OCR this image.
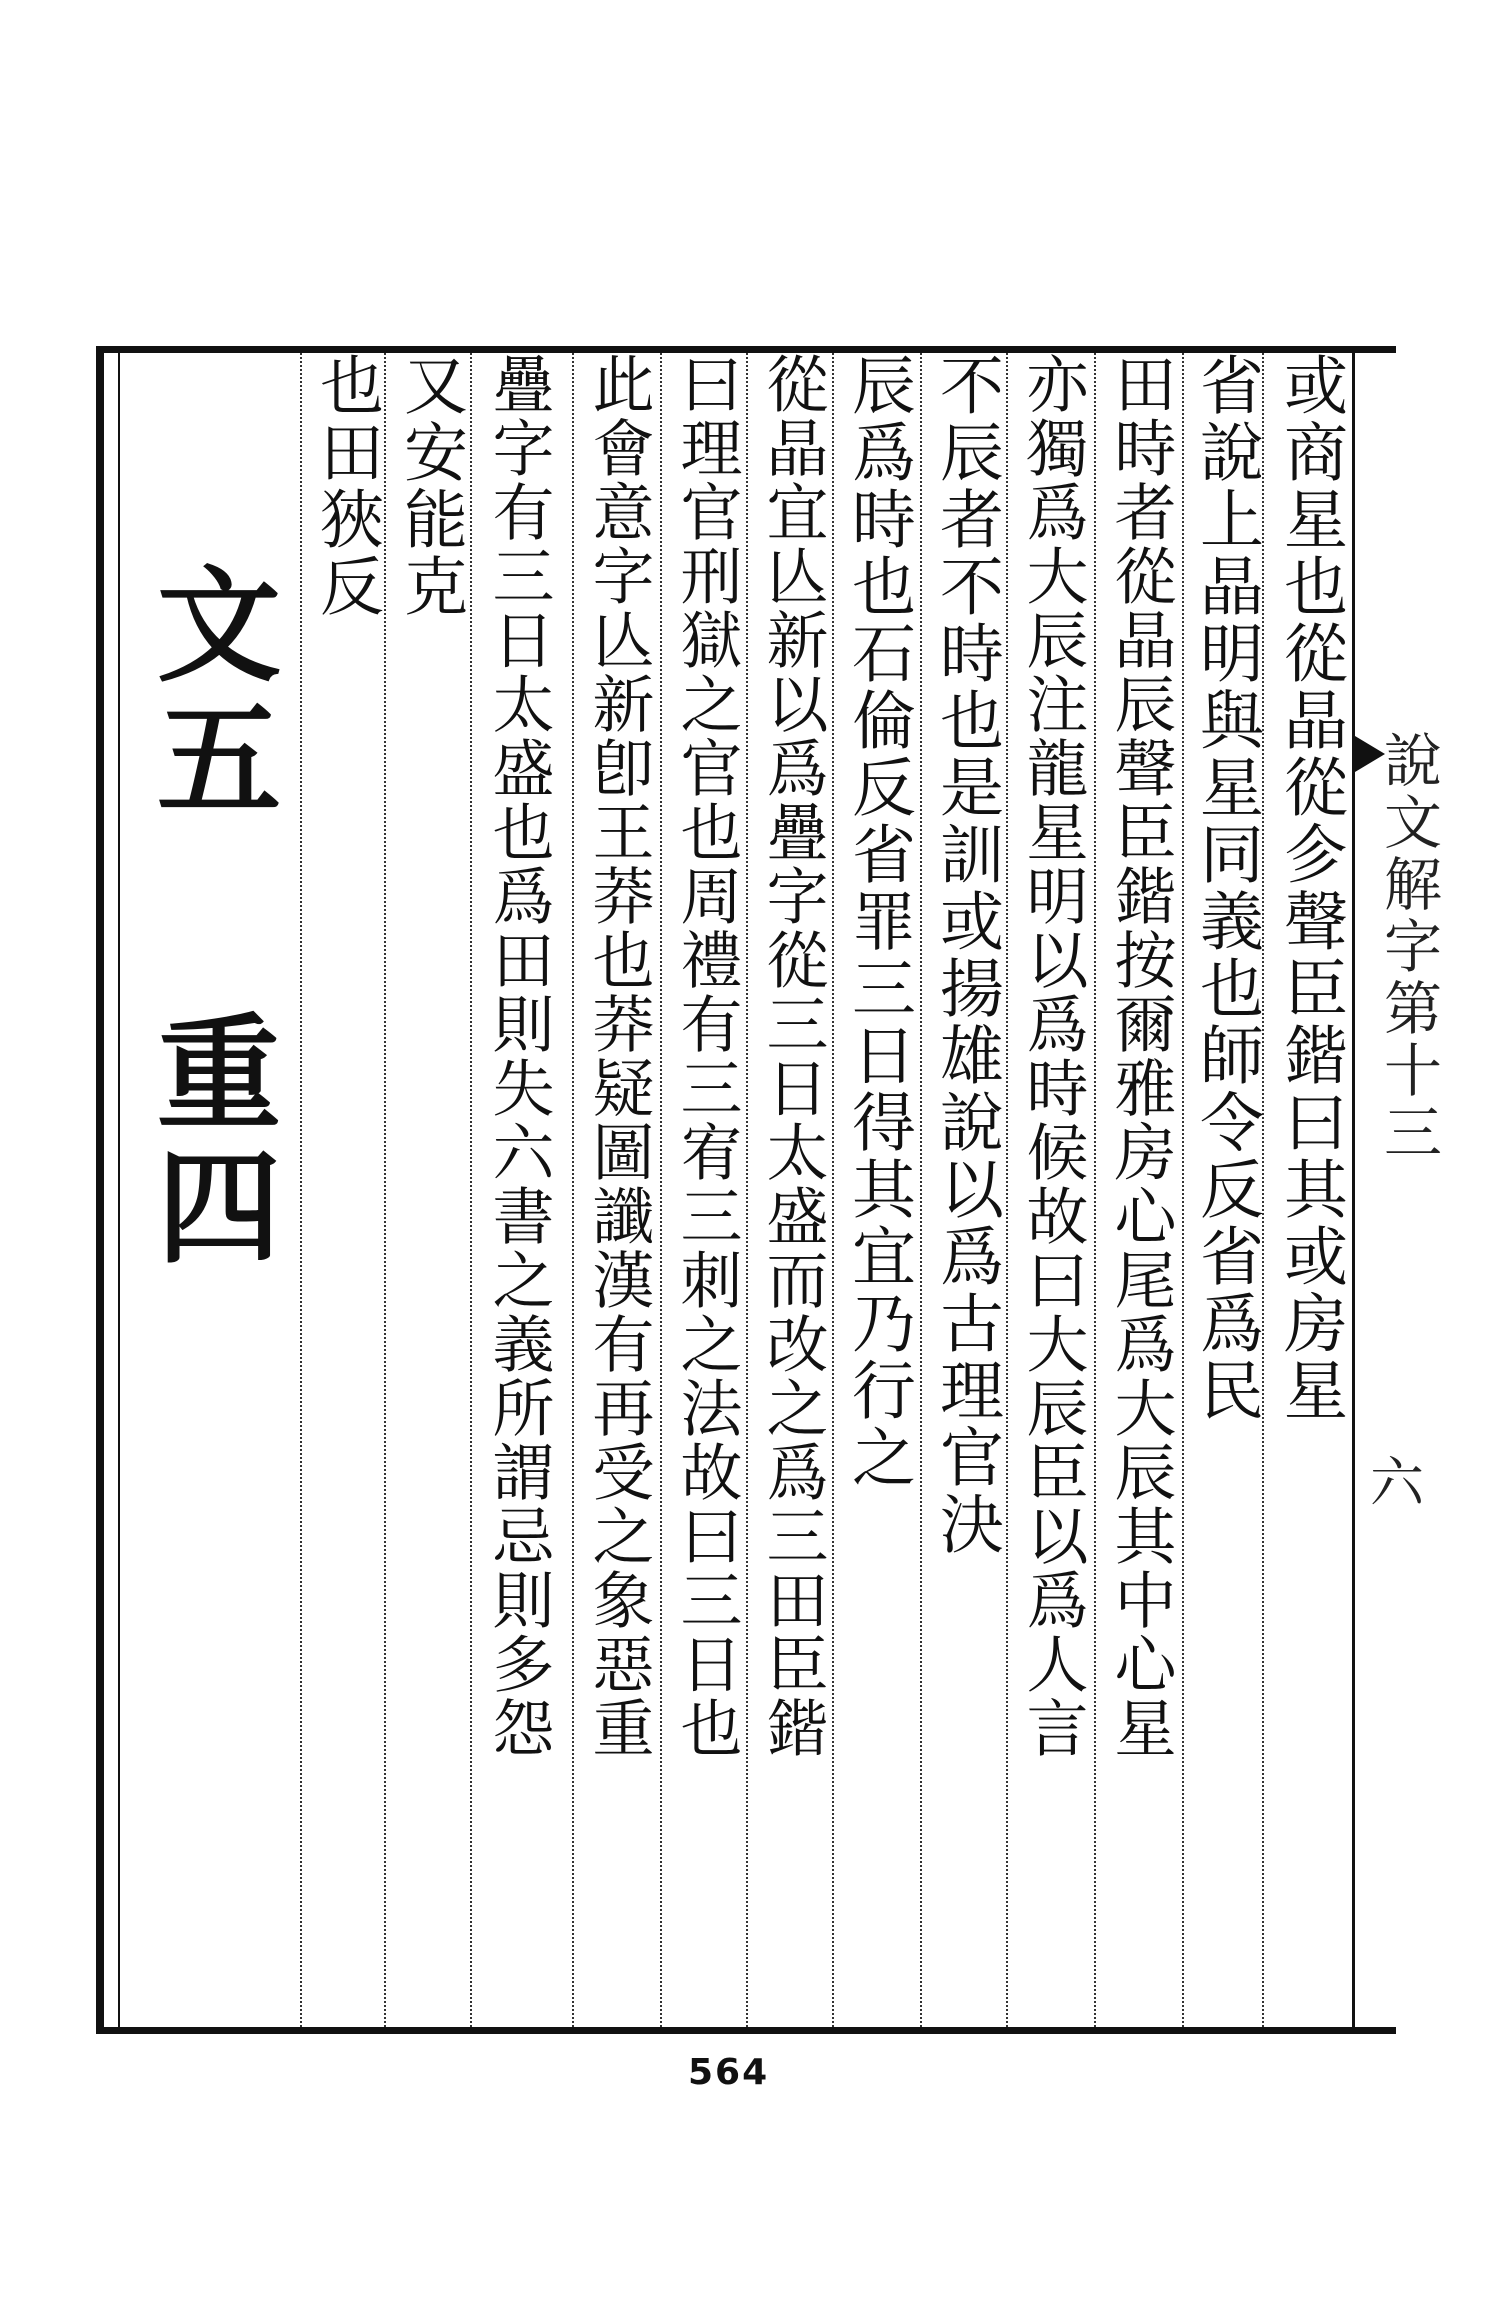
或商星也從晶從㐱聲臣鍇曰其或房星
省說上晶明與星同義也師令反省爲民
田時者從晶辰聲臣鍇按爾雅房心尾爲大辰其中心星
亦獨爲大辰注龍星明以爲時候故曰大辰臣以爲人言
不辰者不時也是訓或揚雄說以爲古理官決
辰爲時也石倫反省罪三日得其宜乃行之
從晶宜亾新以爲疊字從三日太盛而改之爲三田臣鍇
曰理官刑獄之官也周禮有三宥三刺之法故曰三日也
此會意字亾新卽王莽也莽疑圖讖漢有再受之象惡重
疊字有三日太盛也爲田則失六書之義所謂忌則多怨
又安能克
也田狹反
文五重四	說文解字第十三
六
564
